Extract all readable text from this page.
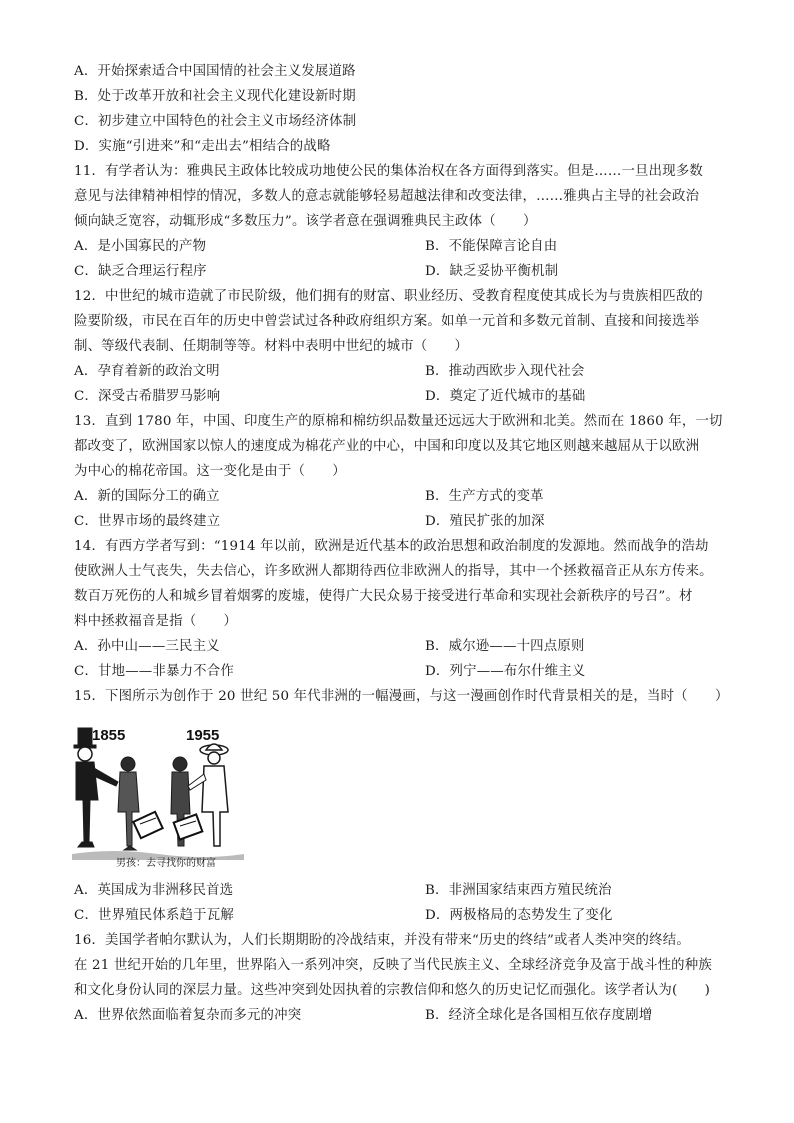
A．开始探索适合中国国情的社会主义发展道路
B．处于改革开放和社会主义现代化建设新时期
C．初步建立中国特色的社会主义市场经济体制
D．实施“引进来”和“走出去”相结合的战略
11．有学者认为：雅典民主政体比较成功地使公民的集体治权在各方面得到落实。但是……一旦出现多数
意见与法律精神相悖的情况，多数人的意志就能够轻易超越法律和改变法律，……雅典占主导的社会政治
倾向缺乏宽容，动辄形成“多数压力”。该学者意在强调雅典民主政体（　　）
A．是小国寡民的产物	B．不能保障言论自由
C．缺乏合理运行程序	D．缺乏妥协平衡机制
12．中世纪的城市造就了市民阶级，他们拥有的财富、职业经历、受教育程度使其成长为与贵族相匹敌的
险要阶级，市民在百年的历史中曾尝试过各种政府组织方案。如单一元首和多数元首制、直接和间接选举
制、等级代表制、任期制等等。材料中表明中世纪的城市（　　）
A．孕育着新的政治文明	B．推动西欧步入现代社会
C．深受古希腊罗马影响	D．奠定了近代城市的基础
13．直到 1780 年，中国、印度生产的原棉和棉纺织品数量还远远大于欧洲和北美。然而在 1860 年，一切
都改变了，欧洲国家以惊人的速度成为棉花产业的中心，中国和印度以及其它地区则越来越屈从于以欧洲
为中心的棉花帝国。这一变化是由于（　　）
A．新的国际分工的确立	B．生产方式的变革
C．世界市场的最终建立	D．殖民扩张的加深
14．有西方学者写到：“1914 年以前，欧洲是近代基本的政治思想和政治制度的发源地。然而战争的浩劫
使欧洲人士气丧失，失去信心，许多欧洲人都期待西位非欧洲人的指导，其中一个拯救福音正从东方传来。
数百万死伤的人和城乡冒着烟雾的废墟，使得广大民众易于接受进行革命和实现社会新秩序的号召”。材
料中拯救福音是指（　　）
A．孙中山——三民主义	B．威尔逊——十四点原则
C．甘地——非暴力不合作	D．列宁——布尔什维主义
15．下图所示为创作于 20 世纪 50 年代非洲的一幅漫画，与这一漫画创作时代背景相关的是，当时（　　）
1855	1955
男孩：去寻找你的财富
A．英国成为非洲移民首选	B．非洲国家结束西方殖民统治
C．世界殖民体系趋于瓦解	D．两极格局的态势发生了变化
16．美国学者帕尔默认为，人们长期期盼的冷战结束，并没有带来“历史的终结”或者人类冲突的终结。
在 21 世纪开始的几年里，世界陷入一系列冲突，反映了当代民族主义、全球经济竞争及富于战斗性的种族
和文化身份认同的深层力量。这些冲突到处因执着的宗教信仰和悠久的历史记忆而强化。该学者认为(　　)
A．世界依然面临着复杂而多元的冲突	B．经济全球化是各国相互依存度剧增
